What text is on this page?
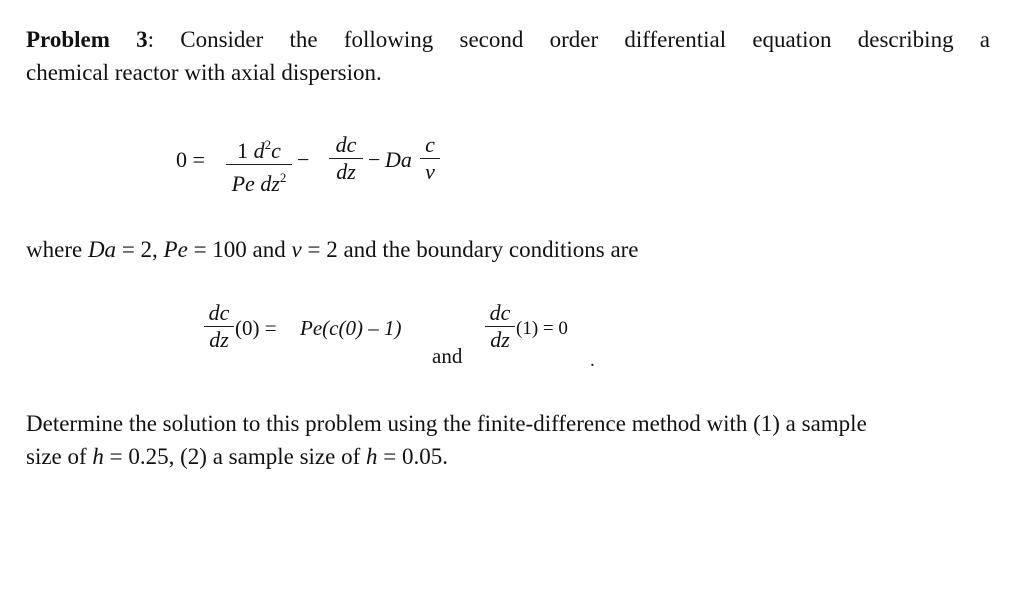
Problem 3: Consider the following second order differential equation describing a
chemical reactor with axial dispersion.
0 =	1 $d^2c$
Pe $dz^2$
−
dc
dz − Da
c
v
where Da = 2, Pe = 100 and v = 2 and the boundary conditions are
dc
dz (0) = Pe(c(0) – 1)
and
dc
dz (1) = 0
.
Determine the solution to this problem using the finite-difference method with (1) a sample
size of h = 0.25, (2) a sample size of h = 0.05.
